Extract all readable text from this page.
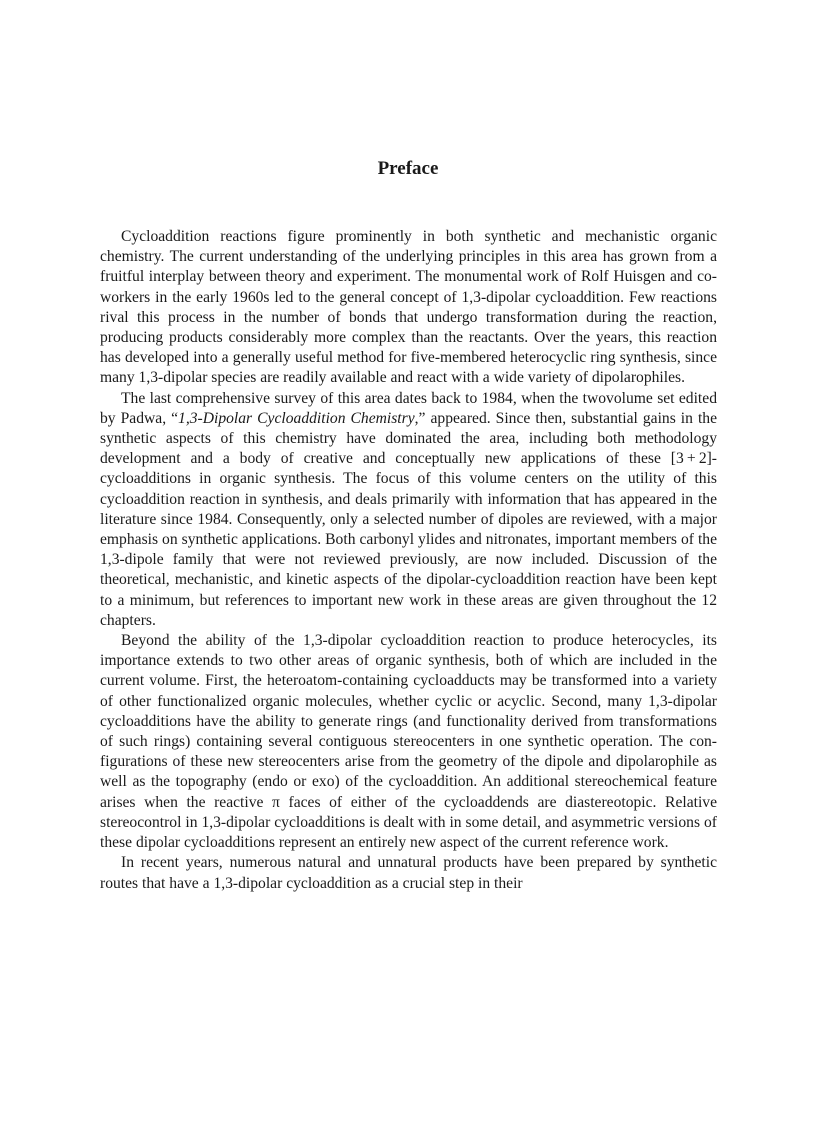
Preface

Cycloaddition reactions figure prominently in both synthetic and mechanistic organic chemistry. The current understanding of the underlying principles in this area has grown from a fruitful interplay between theory and experiment. The monumental work of Rolf Huisgen and co-workers in the early 1960s led to the general concept of 1,3-dipolar cycloaddition. Few reactions rival this process in the number of bonds that undergo transformation during the reaction, producing products considerably more complex than the reactants. Over the years, this reaction has developed into a generally useful method for five-membered heterocyclic ring synthesis, since many 1,3-dipolar species are readily available and react with a wide variety of dipolarophiles.

The last comprehensive survey of this area dates back to 1984, when the twovolume set edited by Padwa, “1,3-Dipolar Cycloaddition Chemistry,” appeared. Since then, substantial gains in the synthetic aspects of this chemistry have dominated the area, including both methodology development and a body of creative and conceptually new applications of these [3 + 2]-cycloadditions in organic synthesis. The focus of this volume centers on the utility of this cycloaddition reaction in synthesis, and deals primarily with information that has appeared in the literature since 1984. Consequently, only a selected number of dipoles are reviewed, with a major emphasis on synthetic applications. Both carbonyl ylides and nitronates, important members of the 1,3-dipole family that were not reviewed previously, are now included. Discussion of the theoretical, mechanistic, and kinetic aspects of the dipolar-cycloaddition reaction have been kept to a minimum, but references to important new work in these areas are given throughout the 12 chapters.

Beyond the ability of the 1,3-dipolar cycloaddition reaction to produce heterocycles, its importance extends to two other areas of organic synthesis, both of which are included in the current volume. First, the heteroatom-containing cycloadducts may be transformed into a variety of other functionalized organic molecules, whether cyclic or acyclic. Second, many 1,3-dipolar cycloadditions have the ability to generate rings (and functionality derived from transformations of such rings) containing several contiguous stereocenters in one synthetic operation. The configurations of these new stereocenters arise from the geometry of the dipole and dipolarophile as well as the topography (endo or exo) of the cycloaddition. An additional stereochemical feature arises when the reactive π faces of either of the cycloaddends are diastereotopic. Relative stereocontrol in 1,3-dipolar cycloadditions is dealt with in some detail, and asymmetric versions of these dipolar cycloadditions represent an entirely new aspect of the current reference work.

In recent years, numerous natural and unnatural products have been prepared by synthetic routes that have a 1,3-dipolar cycloaddition as a crucial step in their
